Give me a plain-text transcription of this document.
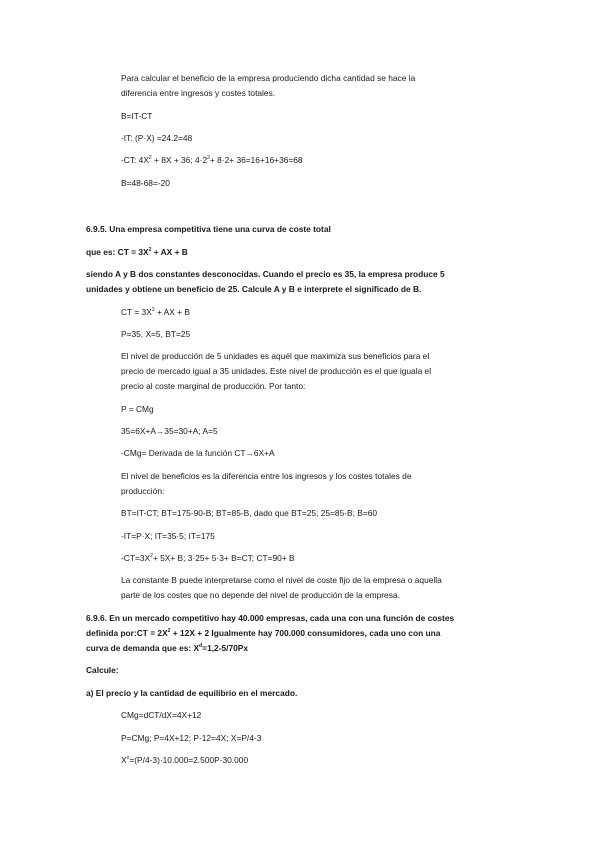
Para calcular el beneficio de la empresa produciendo dicha cantidad se hace la
diferencia entre ingresos y costes totales.
B=IT-CT
-IT: (P·X) =24.2=48
-CT: $4X^2 + 8X + 36$; $4\cdot 2^2+ 8\cdot 2+ 36=16+16+36=68$
B=48-68=-20
6.9.5. Una empresa competitiva tiene una curva de coste total
que es: CT = $3X^2$ + AX + B
siendo A y B dos constantes desconocidas. Cuando el precio es 35, la empresa produce 5
unidades y obtiene un beneficio de 25. Calcule A y B e interprete el significado de B.
CT = $3X^2$ + AX + B
P=35, X=5, BT=25
El nivel de producción de 5 unidades es aquél que maximiza sus beneficios para el
precio de mercado igual a 35 unidades. Este nivel de producción es el que iguala el
precio al coste marginal de producción. Por tanto:
P = CMg
35=6X+A→35=30+A; A=5
-CMg= Derivada de la función CT→6X+A
El nivel de beneficios es la diferencia entre los ingresos y los costes totales de
producción:
BT=IT-CT; BT=175-90-B; BT=85-B, dado que BT=25; 25=85-B; B=60
-IT=P·X; IT=35·5; IT=175
$-CT=3X^2+ 5X+ B$; 3·25+ 5·3+ B=CT; CT=90+ B
La constante B puede interpretarse como el nivel de coste fijo de la empresa o aquella
parte de los costes que no depende del nivel de producción de la empresa.
6.9.6. En un mercado competitivo hay 40.000 empresas, cada una con una función de costes
definida por:CT = $2X^2 + 12X + 2$ Igualmente hay 700.000 consumidores, cada uno con una
curva de demanda que es: $X^d=1,2-5/70Px$
Calcule:
a) El precio y la cantidad de equilibrio en el mercado.
CMg=dCT/dX=4X+12
P=CMg; P=4X+12; P-12=4X; X=P/4-3
$X^o=(P/4-3)\cdot 10.000=2.500P-30.000$
